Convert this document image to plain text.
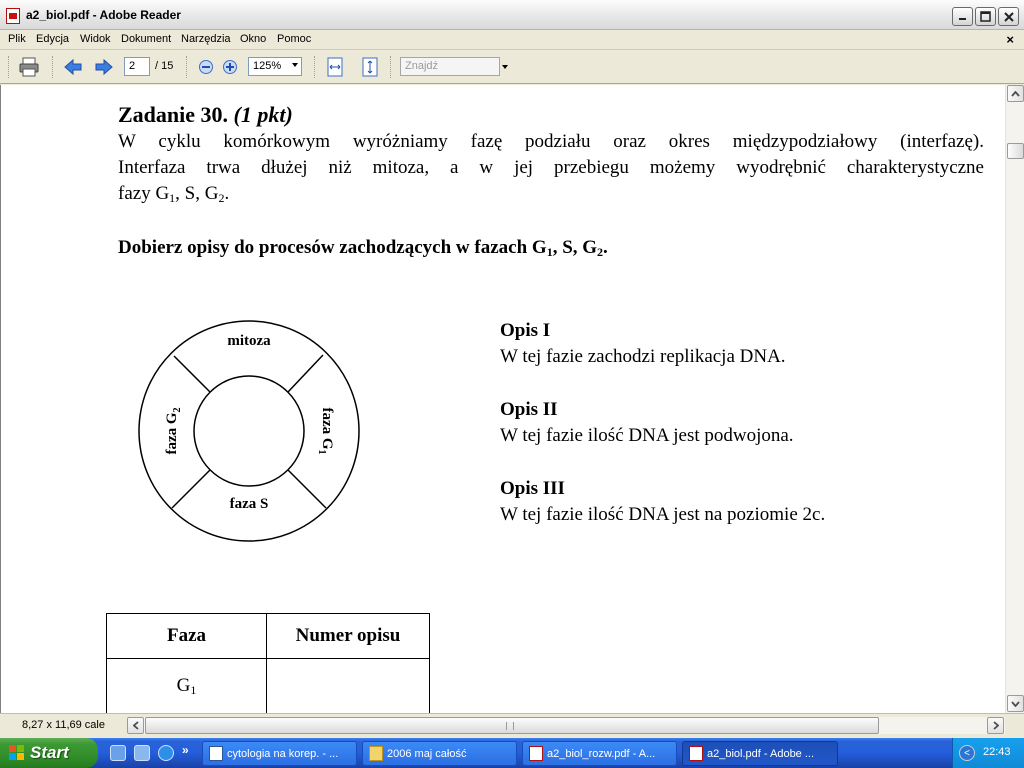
a2_biol.pdf - Adobe Reader
Plik Edycja Widok Dokument Narzędzia Okno Pomoc	×
2	/ 15	125%	Znajdź
Zadanie 30. (1 pkt)
W cyklu komórkowym wyróżniamy fazę podziału oraz okres międzypodziałowy (interfazę).
Interfaza trwa dłużej niż mitoza, a w jej przebiegu możemy wyodrębnić charakterystyczne
fazy $G_1$, S, $G_2$.
Dobierz opisy do procesów zachodzących w fazach $G_1$, S, $G_2$.
mitoza
faza S
faza $G_1$
faza $G_2$
Opis I
W tej fazie zachodzi replikacja DNA.
Opis II
W tej fazie ilość DNA jest podwojona.
Opis III
W tej fazie ilość DNA jest na poziomie 2c.
Faza	Numer opisu
$G_1$	
8,27 x 11,69 cale
Start	»	cytologia na korep. - ...	2006 maj całość	a2_biol_rozw.pdf - A...	a2_biol.pdf - Adobe ...	<	22:43
